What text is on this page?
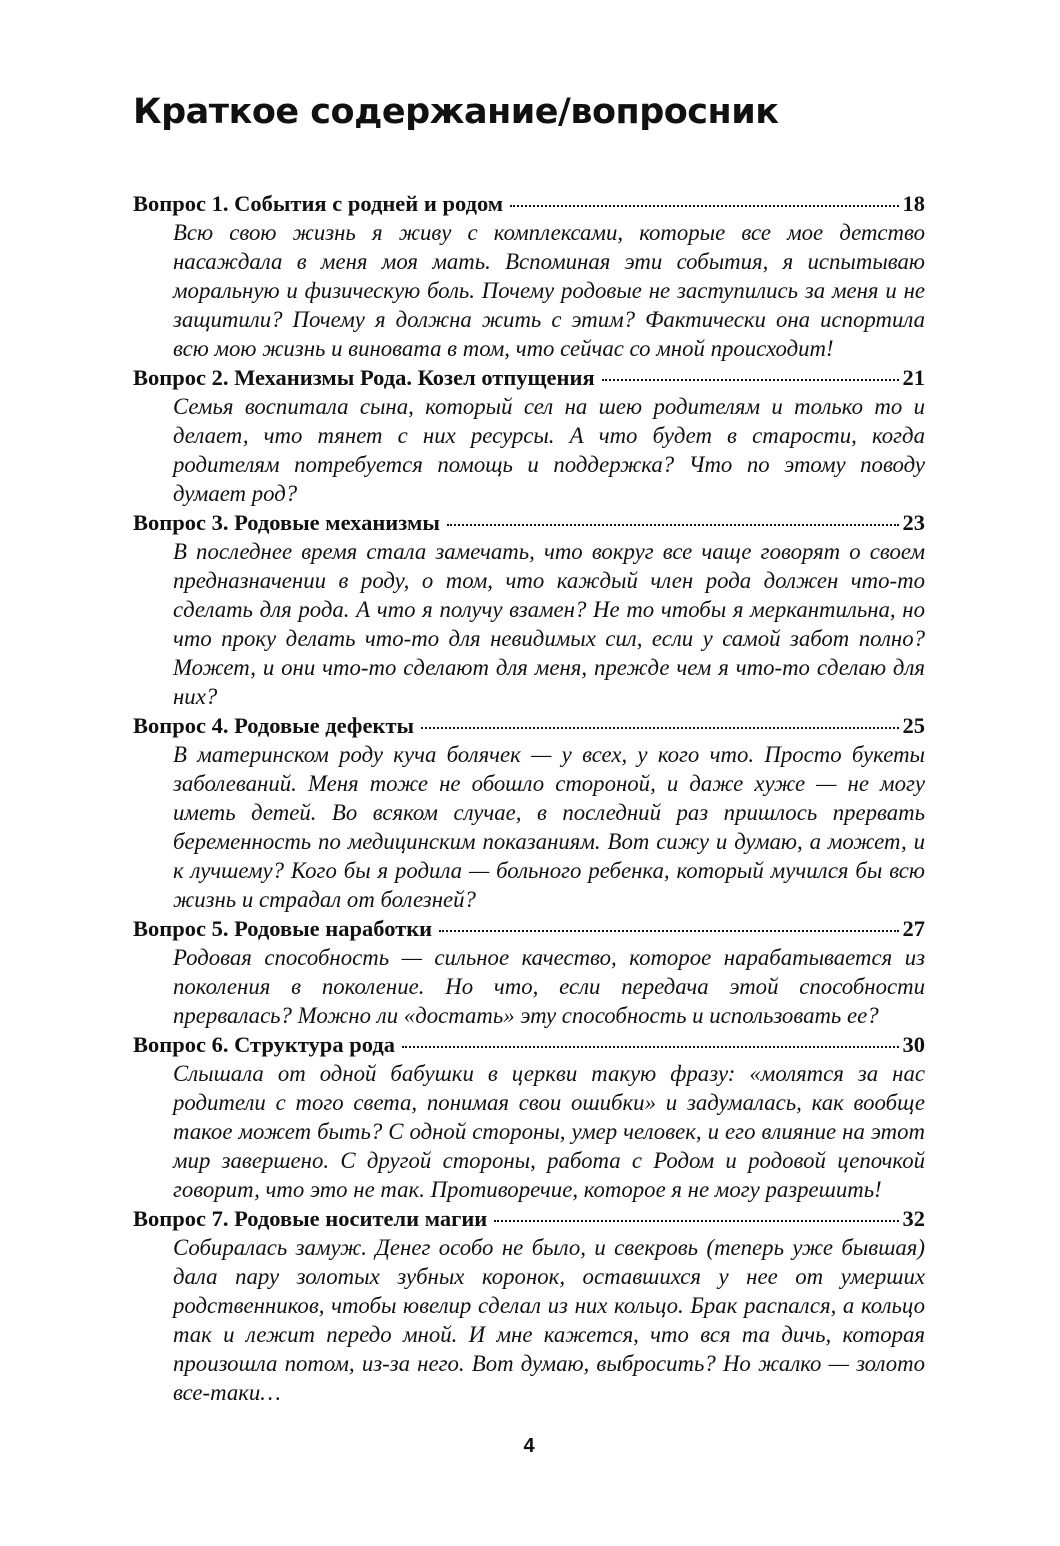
Краткое содержание/вопросник
Вопрос 1. События с родней и родом	18

Всю свою жизнь я живу с комплексами, которые все мое детство насаждала в меня моя мать. Вспоминая эти события, я испытываю моральную и физическую боль. Почему родовые не заступились за меня и не защитили? Почему я должна жить с этим? Фактически она испортила всю мою жизнь и виновата в том, что сейчас со мной происходит!

Вопрос 2. Механизмы Рода. Козел отпущения	21

Семья воспитала сына, который сел на шею родителям и только то и делает, что тянет с них ресурсы. А что будет в старости, когда родителям потребуется помощь и поддержка? Что по этому поводу думает род?

Вопрос 3. Родовые механизмы	23

В последнее время стала замечать, что вокруг все чаще говорят о своем предназначении в роду, о том, что каждый член рода должен что-то сделать для рода. А что я получу взамен? Не то чтобы я меркантильна, но что проку делать что-то для невидимых сил, если у самой забот полно? Может, и они что-то сделают для меня, прежде чем я что-то сделаю для них?

Вопрос 4. Родовые дефекты	25

В материнском роду куча болячек — у всех, у кого что. Просто букеты заболеваний. Меня тоже не обошло стороной, и даже хуже — не могу иметь детей. Во всяком случае, в последний раз пришлось прервать беременность по медицинским показаниям. Вот сижу и думаю, а может, и к лучшему? Кого бы я родила — больного ребенка, который мучился бы всю жизнь и страдал от болезней?

Вопрос 5. Родовые наработки	27

Родовая способность — сильное качество, которое нарабатывается из поколения в поколение. Но что, если передача этой способности прервалась? Можно ли «достать» эту способность и использовать ее?

Вопрос 6. Структура рода	30

Слышала от одной бабушки в церкви такую фразу: «молятся за нас родители с того света, понимая свои ошибки» и задумалась, как вообще такое может быть? С одной стороны, умер человек, и его влияние на этот мир завершено. С другой стороны, работа с Родом и родовой цепочкой говорит, что это не так. Противоречие, которое я не могу разрешить!

Вопрос 7. Родовые носители магии	32

Собиралась замуж. Денег особо не было, и свекровь (теперь уже бывшая) дала пару золотых зубных коронок, оставшихся у нее от умерших родственников, чтобы ювелир сделал из них кольцо. Брак распался, а кольцо так и лежит передо мной. И мне кажется, что вся та дичь, которая произошла потом, из-за него. Вот думаю, выбросить? Но жалко — золото все-таки…

4
